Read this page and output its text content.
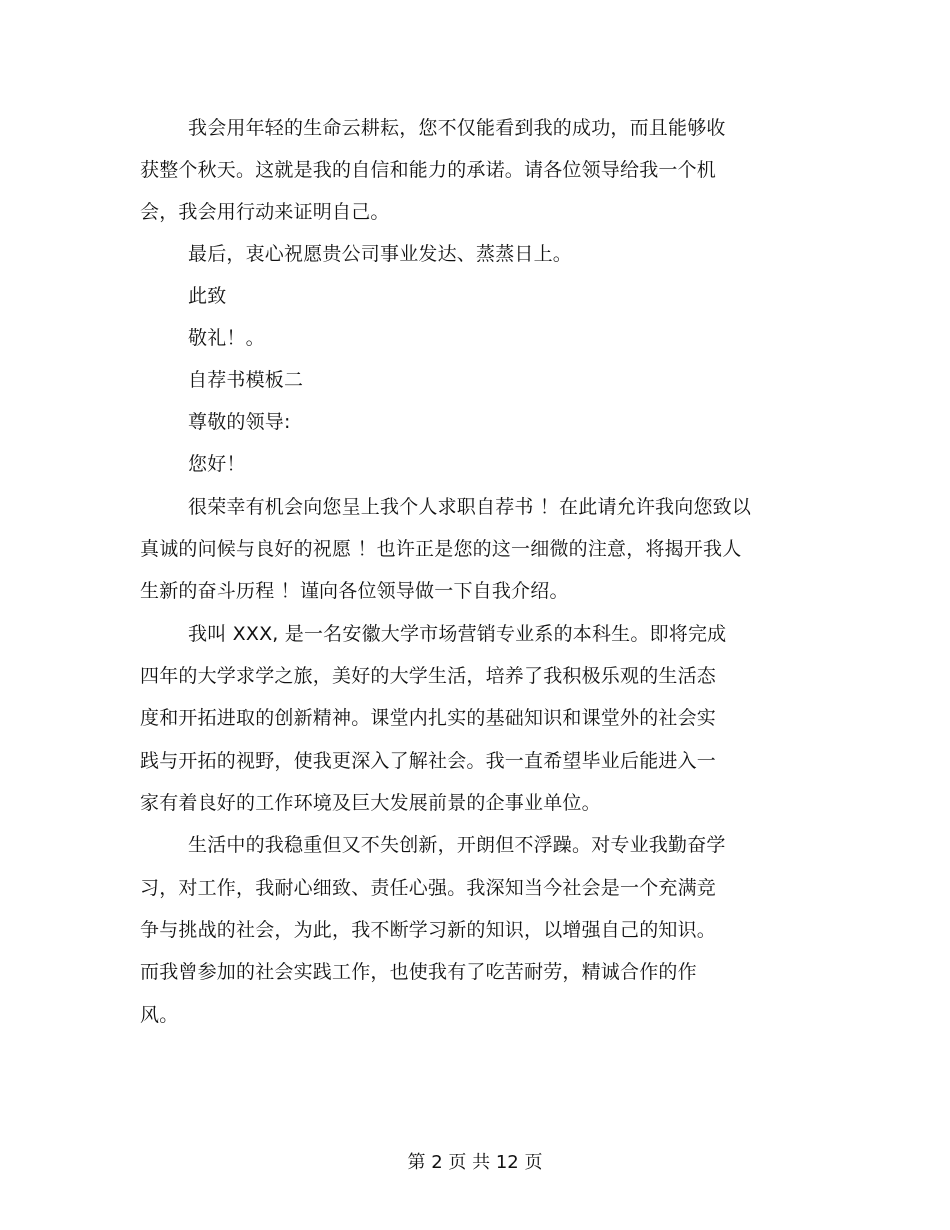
我会用年轻的生命云耕耘，您不仅能看到我的成功，而且能够收
获整个秋天。这就是我的自信和能力的承诺。请各位领导给我一个机
会，我会用行动来证明自己。
最后，衷心祝愿贵公司事业发达、蒸蒸日上。
此致
敬礼！。
自荐书模板二
尊敬的领导:
您好！
很荣幸有机会向您呈上我个人求职自荐书 ！在此请允许我向您致以
真诚的问候与良好的祝愿 ！也许正是您的这一细微的注意，将揭开我人
生新的奋斗历程 ！谨向各位领导做一下自我介绍。
我叫 XXX, 是一名安徽大学市场营销专业系的本科生。即将完成
四年的大学求学之旅，美好的大学生活，培养了我积极乐观的生活态
度和开拓进取的创新精神。课堂内扎实的基础知识和课堂外的社会实
践与开拓的视野，使我更深入了解社会。我一直希望毕业后能进入一
家有着良好的工作环境及巨大发展前景的企事业单位。
生活中的我稳重但又不失创新，开朗但不浮躁。对专业我勤奋学
习，对工作，我耐心细致、责任心强。我深知当今社会是一个充满竞
争与挑战的社会，为此，我不断学习新的知识，以增强自己的知识。
而我曾参加的社会实践工作，也使我有了吃苦耐劳，精诚合作的作
风。
第 2 页 共 12 页
